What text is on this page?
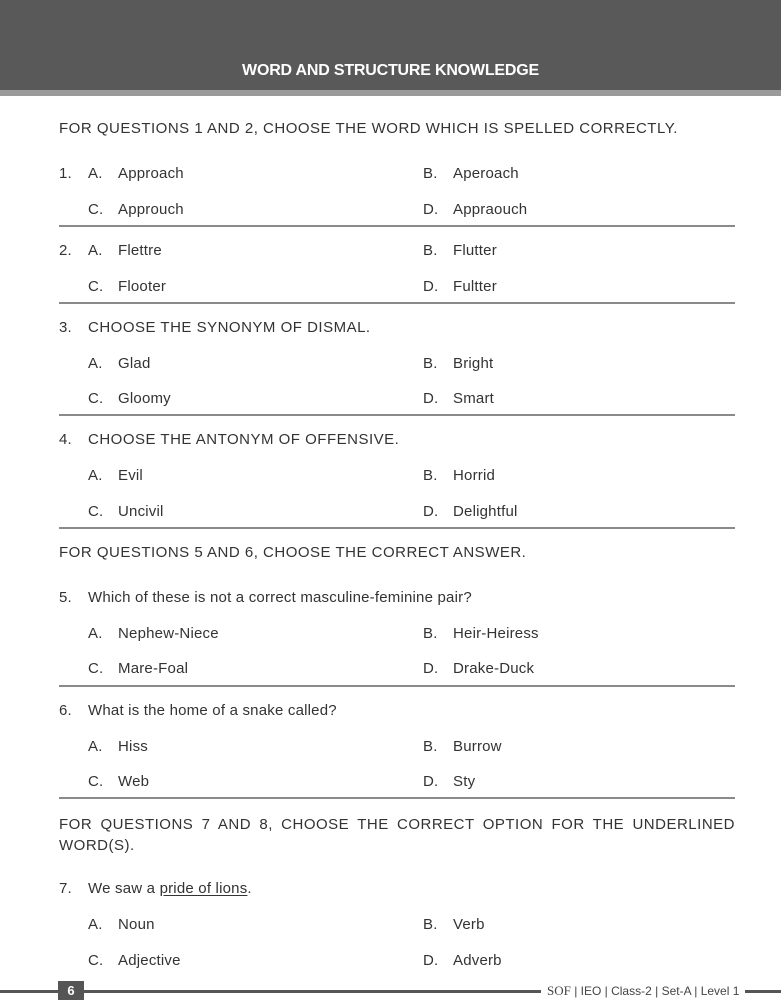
WORD AND STRUCTURE KNOWLEDGE
FOR QUESTIONS 1 AND 2, CHOOSE THE WORD WHICH IS SPELLED CORRECTLY.
1. A. Approach	B. Aperoach
C. Approuch	D. Appraouch
2. A. Flettre	B. Flutter
C. Flooter	D. Fultter
3. CHOOSE THE SYNONYM OF DISMAL.
A. Glad	B. Bright
C. Gloomy	D. Smart
4. CHOOSE THE ANTONYM OF OFFENSIVE.
A. Evil	B. Horrid
C. Uncivil	D. Delightful
FOR QUESTIONS 5 AND 6, CHOOSE THE CORRECT ANSWER.
5. Which of these is not a correct masculine-feminine pair?
A. Nephew-Niece	B. Heir-Heiress
C. Mare-Foal	D. Drake-Duck
6. What is the home of a snake called?
A. Hiss	B. Burrow
C. Web	D. Sty
FOR QUESTIONS 7 AND 8, CHOOSE THE CORRECT OPTION FOR THE UNDERLINED WORD(S).
7. We saw a pride of lions.
A. Noun	B. Verb
C. Adjective	D. Adverb
6	SOF | IEO | Class-2 | Set-A | Level 1
